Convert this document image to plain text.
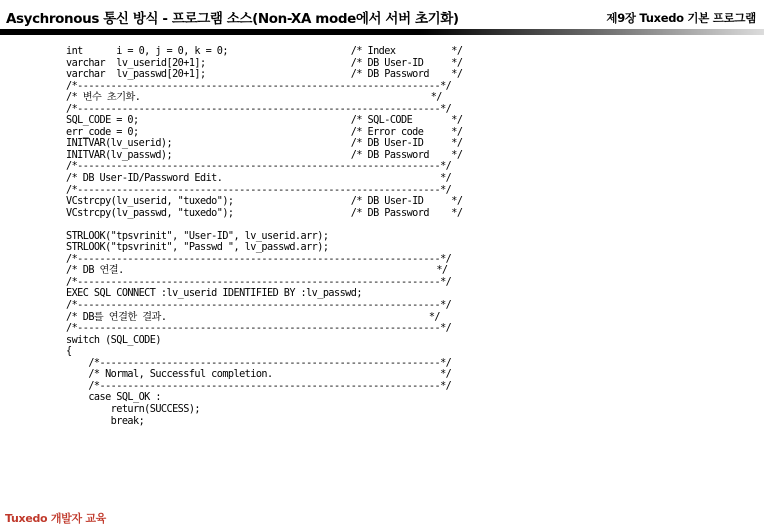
Asychronous 통신 방식 - 프로그램 소스(Non-XA mode에서 서버 초기화)	제9장 Tuxedo 기본 프로그램
int      i = 0, j = 0, k = 0;                      /* Index          */
varchar  lv_userid[20+1];                          /* DB User-ID     */
varchar  lv_passwd[20+1];                          /* DB Password    */
/*-----------------------------------------------------------------*/
/* 변수 초기화.                                                    */
/*-----------------------------------------------------------------*/
SQL_CODE = 0;                                      /* SQL-CODE       */
err_code = 0;                                      /* Error code     */
INITVAR(lv_userid);                                /* DB User-ID     */
INITVAR(lv_passwd);                                /* DB Password    */
/*-----------------------------------------------------------------*/
/* DB User-ID/Password Edit.                                       */
/*-----------------------------------------------------------------*/
VCstrcpy(lv_userid, "tuxedo");                     /* DB User-ID     */
VCstrcpy(lv_passwd, "tuxedo");                     /* DB Password    */
STRLOOK("tpsvrinit", "User-ID", lv_userid.arr);
STRLOOK("tpsvrinit", "Passwd ", lv_passwd.arr);
/*-----------------------------------------------------------------*/
/* DB 연결.                                                        */
/*-----------------------------------------------------------------*/
EXEC SQL CONNECT :lv_userid IDENTIFIED BY :lv_passwd;
/*-----------------------------------------------------------------*/
/* DB를 연결한 결과.                                               */
/*-----------------------------------------------------------------*/
switch (SQL_CODE)
{
/*-------------------------------------------------------------*/
/* Normal, Successful completion.                              */
/*-------------------------------------------------------------*/
case SQL_OK :
return(SUCCESS);
break;
Tuxedo 개발자 교육
